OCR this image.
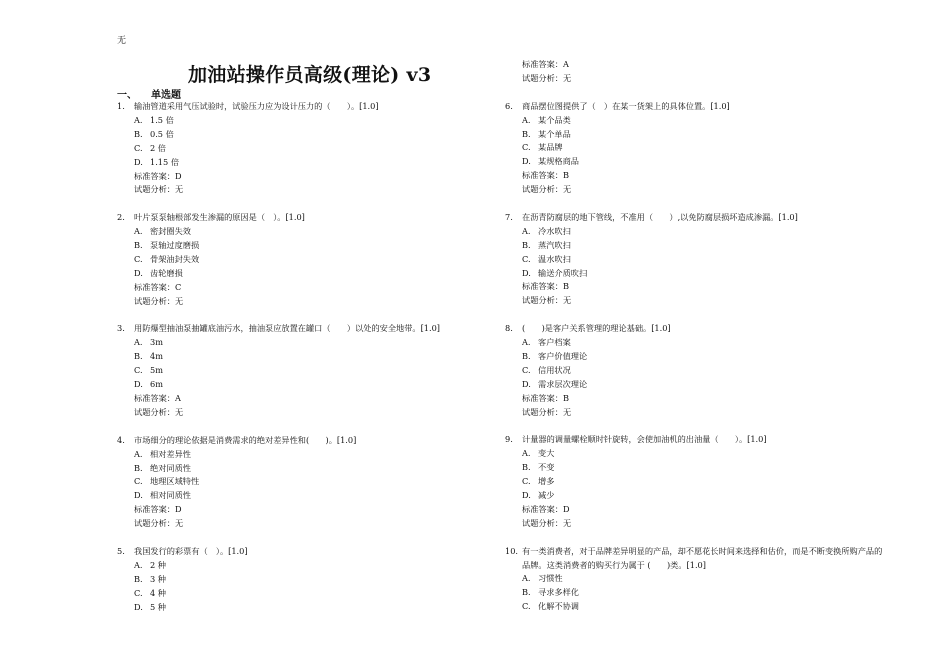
无
加油站操作员高级(理论) v3
一、 单选题
1.	输油管道采用气压试验时，试验压力应为设计压力的（　　）。[1.0]
A. 1.5 倍
B. 0.5 倍
C. 2 倍
D. 1.15 倍
标准答案：D
试题分析：无
2.	叶片泵泵轴根部发生渗漏的原因是（　）。[1.0]
A. 密封圈失效
B. 泵轴过度磨损
C. 骨架油封失效
D. 齿轮磨损
标准答案：C
试题分析：无
3.	用防爆型抽油泵抽罐底油污水，抽油泵应放置在罐口（　　）以处的安全地带。[1.0]
A. 3m
B. 4m
C. 5m
D. 6m
标准答案：A
试题分析：无
4.	市场细分的理论依据是消费需求的绝对差异性和(　　)。[1.0]
A. 相对差异性
B. 绝对同质性
C. 地理区域特性
D. 相对同质性
标准答案：D
试题分析：无
5.	我国发行的彩票有（　）。[1.0]
A. 2 种
B. 3 种
C. 4 种
D. 5 种
标准答案：A
试题分析：无
6.	商品摆位图提供了（　）在某一货架上的具体位置。[1.0]
A. 某个品类
B. 某个单品
C. 某品牌
D. 某规格商品
标准答案：B
试题分析：无
7.	在沥青防腐层的地下管线，不准用（　　）,以免防腐层损坏造成渗漏。[1.0]
A. 冷水吹扫
B. 蒸汽吹扫
C. 温水吹扫
D. 输送介质吹扫
标准答案：B
试题分析：无
8.	(　　)是客户关系管理的理论基础。[1.0]
A. 客户档案
B. 客户价值理论
C. 信用状况
D. 需求层次理论
标准答案：B
试题分析：无
9.	计量器的调量螺栓顺时针旋转，会使加油机的出油量（　　）。[1.0]
A. 变大
B. 不变
C. 增多
D. 减少
标准答案：D
试题分析：无
10. 有一类消费者，对于品牌差异明显的产品，却不愿花长时间来选择和估价，而是不断变换所购产品的品牌。这类消费者的购买行为属于 (　　)类。[1.0]
A. 习惯性
B. 寻求多样化
C. 化解不协调
